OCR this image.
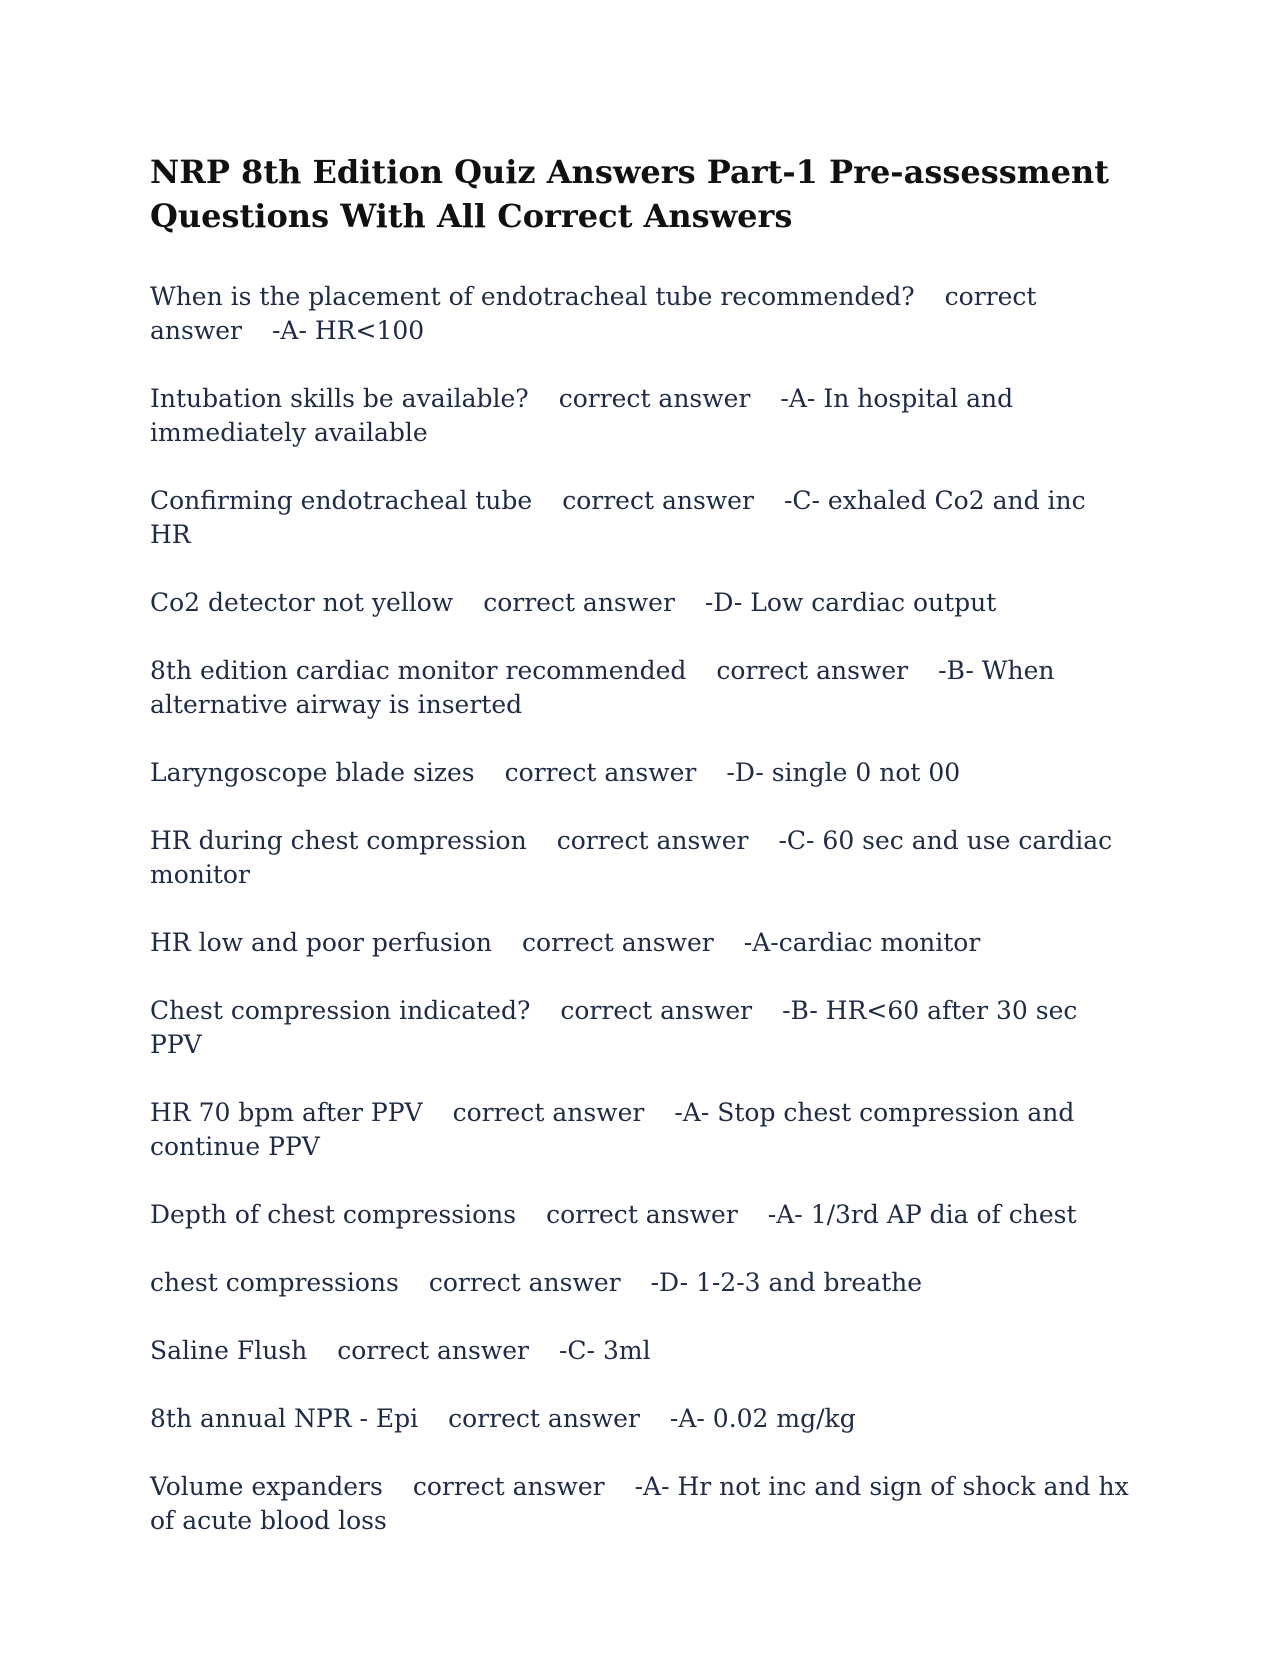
NRP 8th Edition Quiz Answers Part-1 Pre-assessment Questions With All Correct Answers
When is the placement of endotracheal tube recommended? correct answer -A- HR<100
Intubation skills be available? correct answer -A- In hospital and immediately available
Confirming endotracheal tube correct answer -C- exhaled Co2 and inc HR
Co2 detector not yellow correct answer -D- Low cardiac output
8th edition cardiac monitor recommended correct answer -B- When alternative airway is inserted
Laryngoscope blade sizes correct answer -D- single 0 not 00
HR during chest compression correct answer -C- 60 sec and use cardiac monitor
HR low and poor perfusion correct answer -A-cardiac monitor
Chest compression indicated? correct answer -B- HR<60 after 30 sec PPV
HR 70 bpm after PPV correct answer -A- Stop chest compression and continue PPV
Depth of chest compressions correct answer -A- 1/3rd AP dia of chest
chest compressions correct answer -D- 1-2-3 and breathe
Saline Flush correct answer -C- 3ml
8th annual NPR - Epi correct answer -A- 0.02 mg/kg
Volume expanders correct answer -A- Hr not inc and sign of shock and hx of acute blood loss
